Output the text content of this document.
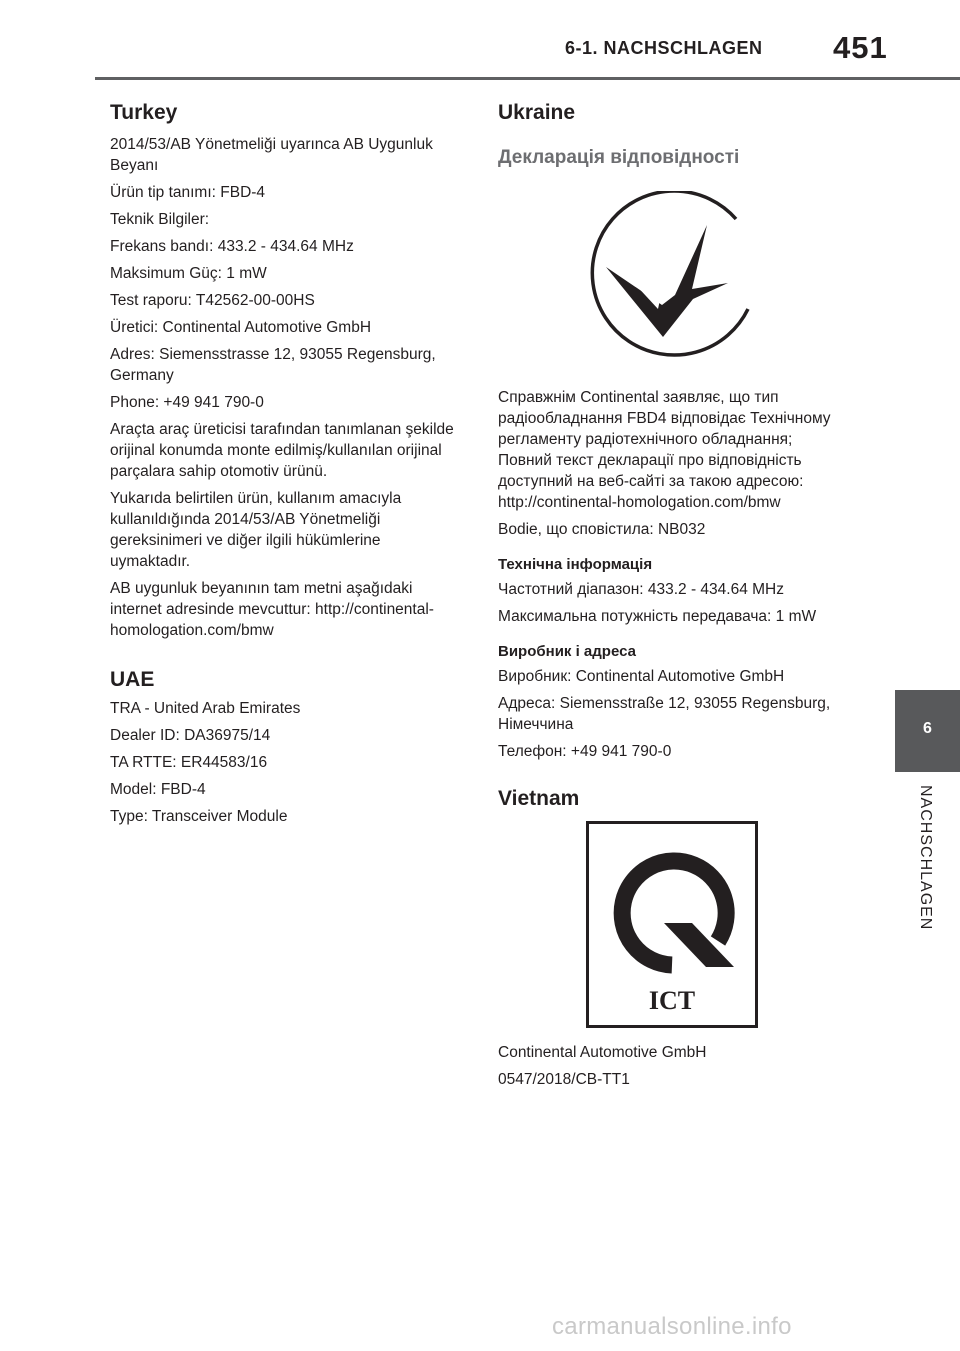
6-1. NACHSCHLAGEN 451
6
NACHSCHLAGEN
Turkey

2014/53/AB Yönetmeliği uyarınca AB Uygunluk Beyanı

Ürün tip tanımı: FBD-4

Teknik Bilgiler:

Frekans bandı: 433.2 - 434.64 MHz

Maksimum Güç: 1 mW

Test raporu: T42562-00-00HS

Üretici: Continental Automotive GmbH

Adres: Siemensstrasse 12, 93055 Regensburg, Germany

Phone: +49 941 790-0

Araçta araç üreticisi tarafından tanımlanan şekilde orijinal konumda monte edilmiş/kullanılan orijinal parçalara sahip otomotiv ürünü.

Yukarıda belirtilen ürün, kullanım amacıyla kullanıldığında 2014/53/AB Yönetmeliği gereksinimeri ve diğer ilgili hükümlerine uymaktadır.

AB uygunluk beyanının tam metni aşağıdaki internet adresinde mevcuttur: http://continental-homologation.com/bmw

UAE

TRA - United Arab Emirates

Dealer ID: DA36975/14

TA RTTE: ER44583/16

Model: FBD-4

Type: Transceiver Module

Ukraine
Декларація відповідності

Справжнім Continental заявляє, що тип радіообладнання FBD4 відповідає Технічному регламенту радіотехнічного обладнання; Повний текст декларації про відповідність доступний на веб-сайті за такою адресою: http://continental-homologation.com/bmw

Bodie, що сповістила: NB032

Технічна інформація

Частотний діапазон: 433.2 - 434.64 MHz

Максимальна потужність передавача: 1 mW

Виробник і адреса

Виробник: Continental Automotive GmbH

Адреса: Siemensstraße 12, 93055 Regensburg, Німеччина

Телефон: +49 941 790-0

Vietnam
ICT

Continental Automotive GmbH

0547/2018/CB-TT1

carmanualsonline.info
